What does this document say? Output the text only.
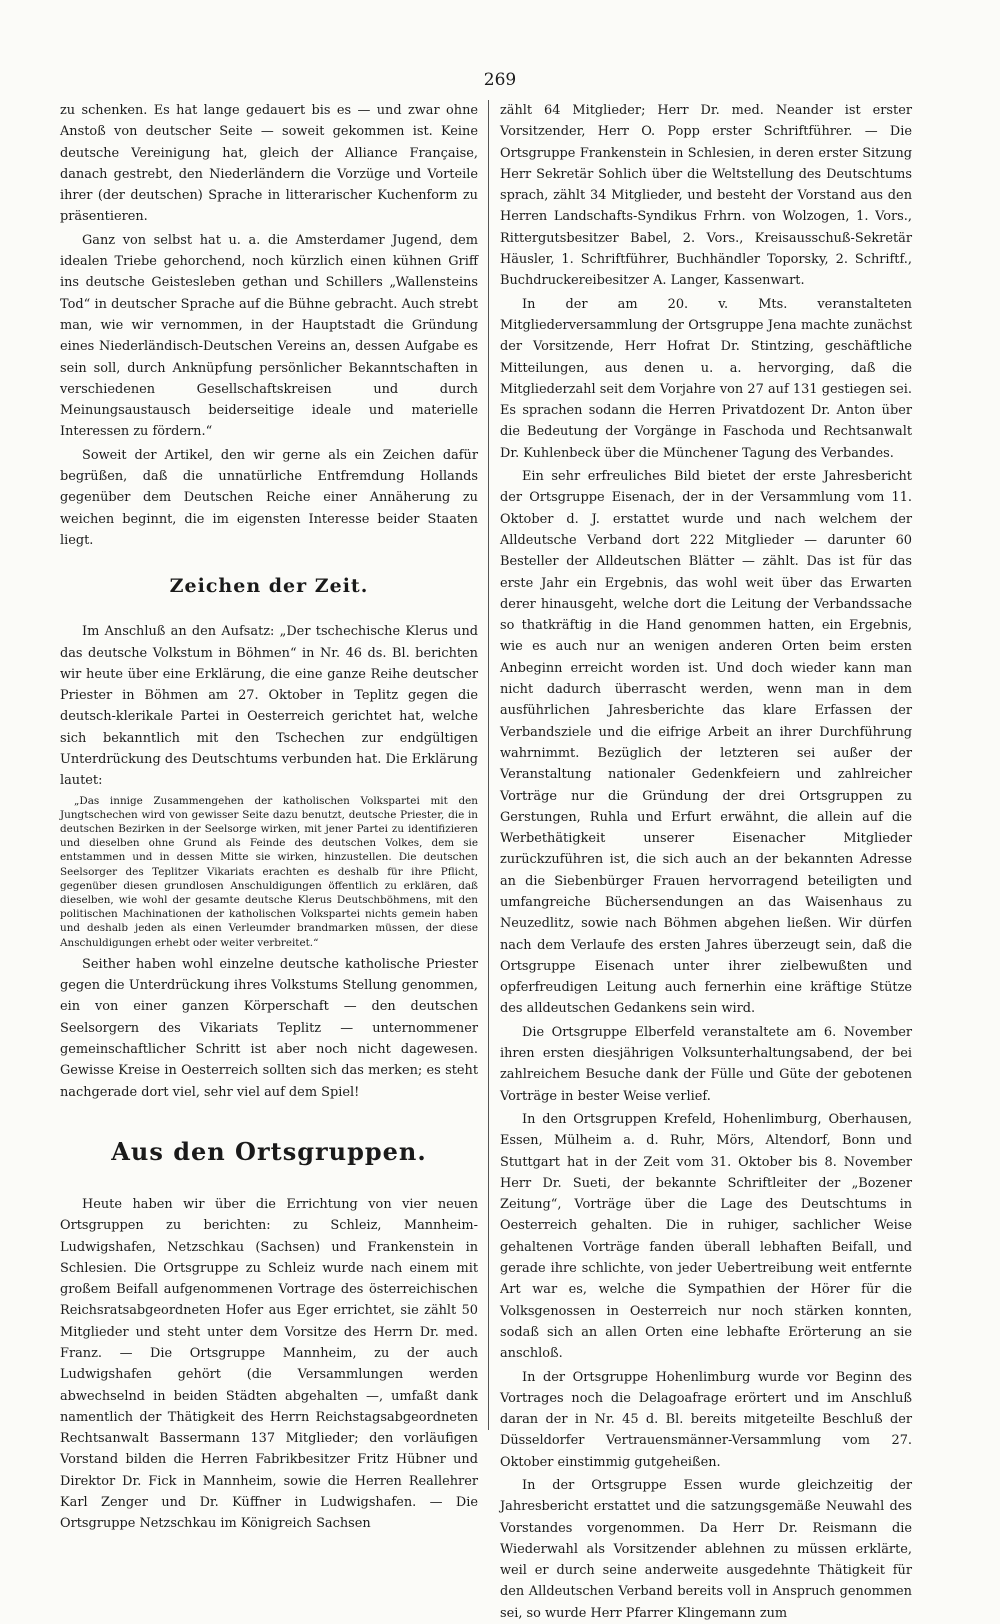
269

zu schenken. Es hat lange gedauert bis es — und zwar ohne Anstoß von deutscher Seite — soweit gekommen ist. Keine deutsche Vereinigung hat, gleich der Alliance Française, danach gestrebt, den Niederländern die Vorzüge und Vorteile ihrer (der deutschen) Sprache in litterarischer Kuchenform zu präsentieren.

Ganz von selbst hat u. a. die Amsterdamer Jugend, dem idealen Triebe gehorchend, noch kürzlich einen kühnen Griff ins deutsche Geistesleben gethan und Schillers „Wallensteins Tod“ in deutscher Sprache auf die Bühne gebracht. Auch strebt man, wie wir vernommen, in der Hauptstadt die Gründung eines Niederländisch-Deutschen Vereins an, dessen Aufgabe es sein soll, durch Anknüpfung persönlicher Bekanntschaften in verschiedenen Gesellschaftskreisen und durch Meinungsaustausch beiderseitige ideale und materielle Interessen zu fördern.“

Soweit der Artikel, den wir gerne als ein Zeichen dafür begrüßen, daß die unnatürliche Entfremdung Hollands gegenüber dem Deutschen Reiche einer Annäherung zu weichen beginnt, die im eigensten Interesse beider Staaten liegt.

Zeichen der Zeit.

Im Anschluß an den Aufsatz: „Der tschechische Klerus und das deutsche Volkstum in Böhmen“ in Nr. 46 ds. Bl. berichten wir heute über eine Erklärung, die eine ganze Reihe deutscher Priester in Böhmen am 27. Oktober in Teplitz gegen die deutsch-klerikale Partei in Oesterreich gerichtet hat, welche sich bekanntlich mit den Tschechen zur endgültigen Unterdrückung des Deutschtums verbunden hat. Die Erklärung lautet:

„Das innige Zusammengehen der katholischen Volkspartei mit den Jungtschechen wird von gewisser Seite dazu benutzt, deutsche Priester, die in deutschen Bezirken in der Seelsorge wirken, mit jener Partei zu identifizieren und dieselben ohne Grund als Feinde des deutschen Volkes, dem sie entstammen und in dessen Mitte sie wirken, hinzustellen. Die deutschen Seelsorger des Teplitzer Vikariats erachten es deshalb für ihre Pflicht, gegenüber diesen grundlosen Anschuldigungen öffentlich zu erklären, daß dieselben, wie wohl der gesamte deutsche Klerus Deutschböhmens, mit den politischen Machinationen der katholischen Volkspartei nichts gemein haben und deshalb jeden als einen Verleumder brandmarken müssen, der diese Anschuldigungen erhebt oder weiter verbreitet.“

Seither haben wohl einzelne deutsche katholische Priester gegen die Unterdrückung ihres Volkstums Stellung genommen, ein von einer ganzen Körperschaft — den deutschen Seelsorgern des Vikariats Teplitz — unternommener gemeinschaftlicher Schritt ist aber noch nicht dagewesen. Gewisse Kreise in Oesterreich sollten sich das merken; es steht nachgerade dort viel, sehr viel auf dem Spiel!

Aus den Ortsgruppen.

Heute haben wir über die Errichtung von vier neuen Ortsgruppen zu berichten: zu Schleiz, Mannheim-Ludwigshafen, Netzschkau (Sachsen) und Frankenstein in Schlesien. Die Ortsgruppe zu Schleiz wurde nach einem mit großem Beifall aufgenommenen Vortrage des österreichischen Reichsratsabgeordneten Hofer aus Eger errichtet, sie zählt 50 Mitglieder und steht unter dem Vorsitze des Herrn Dr. med. Franz. — Die Ortsgruppe Mannheim, zu der auch Ludwigshafen gehört (die Versammlungen werden abwechselnd in beiden Städten abgehalten —, umfaßt dank namentlich der Thätigkeit des Herrn Reichstagsabgeordneten Rechtsanwalt Bassermann 137 Mitglieder; den vorläufigen Vorstand bilden die Herren Fabrikbesitzer Fritz Hübner und Direktor Dr. Fick in Mannheim, sowie die Herren Reallehrer Karl Zenger und Dr. Küffner in Ludwigshafen. — Die Ortsgruppe Netzschkau im Königreich Sachsen

zählt 64 Mitglieder; Herr Dr. med. Neander ist erster Vorsitzender, Herr O. Popp erster Schriftführer. — Die Ortsgruppe Frankenstein in Schlesien, in deren erster Sitzung Herr Sekretär Sohlich über die Weltstellung des Deutschtums sprach, zählt 34 Mitglieder, und besteht der Vorstand aus den Herren Landschafts-Syndikus Frhrn. von Wolzogen, 1. Vors., Rittergutsbesitzer Babel, 2. Vors., Kreisausschuß-Sekretär Häusler, 1. Schriftführer, Buchhändler Toporsky, 2. Schriftf., Buchdruckereibesitzer A. Langer, Kassenwart.

In der am 20. v. Mts. veranstalteten Mitgliederversammlung der Ortsgruppe Jena machte zunächst der Vorsitzende, Herr Hofrat Dr. Stintzing, geschäftliche Mitteilungen, aus denen u. a. hervorging, daß die Mitgliederzahl seit dem Vorjahre von 27 auf 131 gestiegen sei. Es sprachen sodann die Herren Privatdozent Dr. Anton über die Bedeutung der Vorgänge in Faschoda und Rechtsanwalt Dr. Kuhlenbeck über die Münchener Tagung des Verbandes.

Ein sehr erfreuliches Bild bietet der erste Jahresbericht der Ortsgruppe Eisenach, der in der Versammlung vom 11. Oktober d. J. erstattet wurde und nach welchem der Alldeutsche Verband dort 222 Mitglieder — darunter 60 Besteller der Alldeutschen Blätter — zählt. Das ist für das erste Jahr ein Ergebnis, das wohl weit über das Erwarten derer hinausgeht, welche dort die Leitung der Verbandssache so thatkräftig in die Hand genommen hatten, ein Ergebnis, wie es auch nur an wenigen anderen Orten beim ersten Anbeginn erreicht worden ist. Und doch wieder kann man nicht dadurch überrascht werden, wenn man in dem ausführlichen Jahresberichte das klare Erfassen der Verbandsziele und die eifrige Arbeit an ihrer Durchführung wahrnimmt. Bezüglich der letzteren sei außer der Veranstaltung nationaler Gedenkfeiern und zahlreicher Vorträge nur die Gründung der drei Ortsgruppen zu Gerstungen, Ruhla und Erfurt erwähnt, die allein auf die Werbethätigkeit unserer Eisenacher Mitglieder zurückzuführen ist, die sich auch an der bekannten Adresse an die Siebenbürger Frauen hervorragend beteiligten und umfangreiche Büchersendungen an das Waisenhaus zu Neuzedlitz, sowie nach Böhmen abgehen ließen. Wir dürfen nach dem Verlaufe des ersten Jahres überzeugt sein, daß die Ortsgruppe Eisenach unter ihrer zielbewußten und opferfreudigen Leitung auch fernerhin eine kräftige Stütze des alldeutschen Gedankens sein wird.

Die Ortsgruppe Elberfeld veranstaltete am 6. November ihren ersten diesjährigen Volksunterhaltungsabend, der bei zahlreichem Besuche dank der Fülle und Güte der gebotenen Vorträge in bester Weise verlief.

In den Ortsgruppen Krefeld, Hohenlimburg, Oberhausen, Essen, Mülheim a. d. Ruhr, Mörs, Altendorf, Bonn und Stuttgart hat in der Zeit vom 31. Oktober bis 8. November Herr Dr. Sueti, der bekannte Schriftleiter der „Bozener Zeitung“, Vorträge über die Lage des Deutschtums in Oesterreich gehalten. Die in ruhiger, sachlicher Weise gehaltenen Vorträge fanden überall lebhaften Beifall, und gerade ihre schlichte, von jeder Uebertreibung weit entfernte Art war es, welche die Sympathien der Hörer für die Volksgenossen in Oesterreich nur noch stärken konnten, sodaß sich an allen Orten eine lebhafte Erörterung an sie anschloß.

In der Ortsgruppe Hohenlimburg wurde vor Beginn des Vortrages noch die Delagoafrage erörtert und im Anschluß daran der in Nr. 45 d. Bl. bereits mitgeteilte Beschluß der Düsseldorfer Vertrauensmänner-Versammlung vom 27. Oktober einstimmig gutgeheißen.

In der Ortsgruppe Essen wurde gleichzeitig der Jahresbericht erstattet und die satzungsgemäße Neuwahl des Vorstandes vorgenommen. Da Herr Dr. Reismann die Wiederwahl als Vorsitzender ablehnen zu müssen erklärte, weil er durch seine anderweite ausgedehnte Thätigkeit für den Alldeutschen Verband bereits voll in Anspruch genommen sei, so wurde Herr Pfarrer Klingemann zum
